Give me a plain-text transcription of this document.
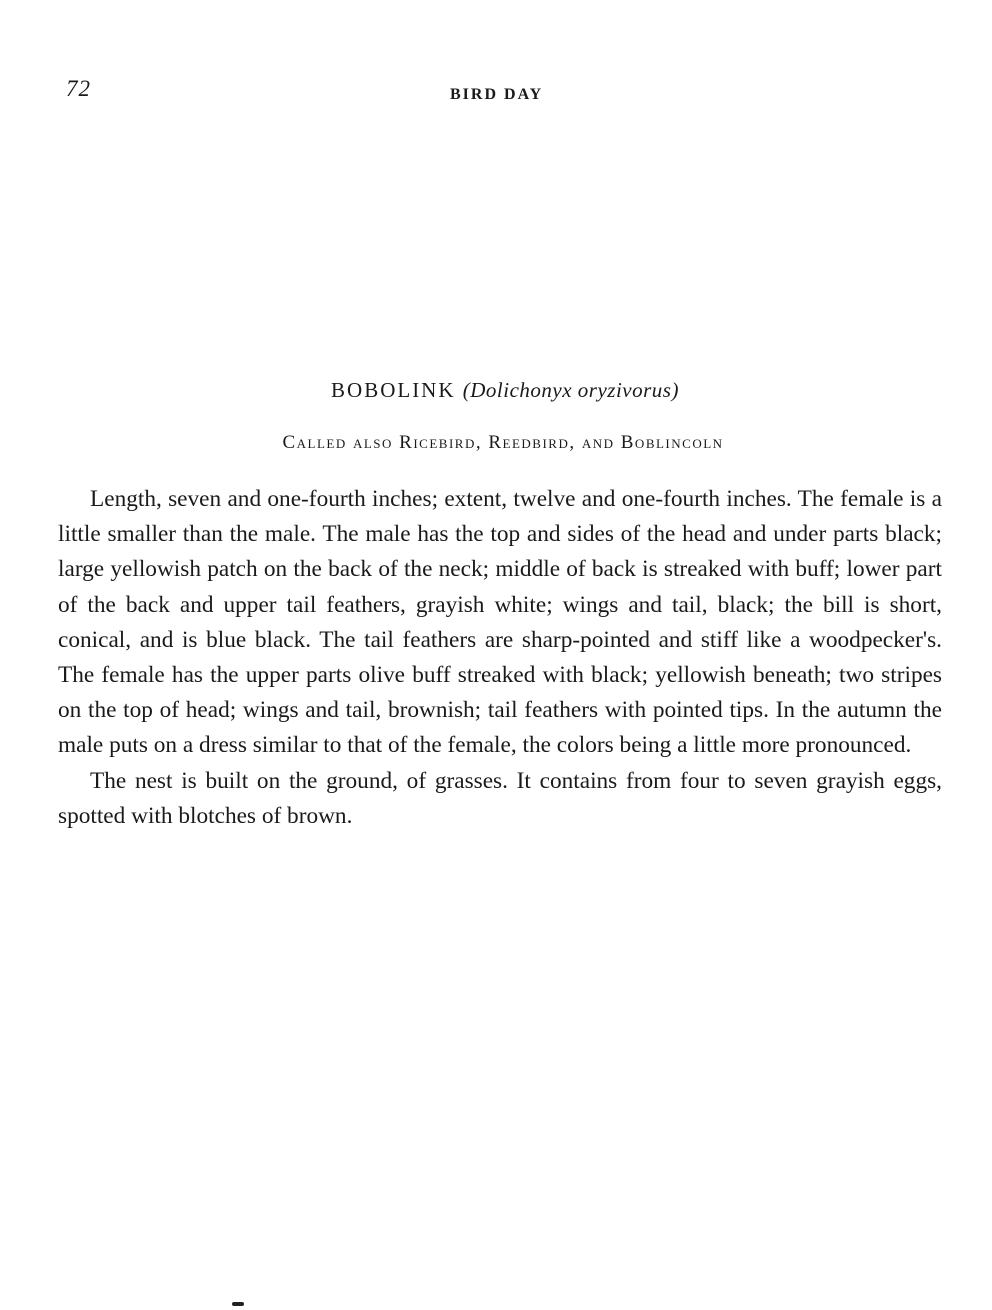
72	BIRD DAY
BOBOLINK (Dolichonyx oryzivorus)
Called also Ricebird, Reedbird, and Boblincoln

Length, seven and one-fourth inches; extent, twelve and one-fourth inches. The female is a little smaller than the male. The male has the top and sides of the head and under parts black; large yellowish patch on the back of the neck; middle of back is streaked with buff; lower part of the back and upper tail feathers, grayish white; wings and tail, black; the bill is short, conical, and is blue black. The tail feathers are sharp-pointed and stiff like a woodpecker's. The female has the upper parts olive buff streaked with black; yellowish beneath; two stripes on the top of head; wings and tail, brownish; tail feathers with pointed tips. In the autumn the male puts on a dress similar to that of the female, the colors being a little more pronounced.

The nest is built on the ground, of grasses. It contains from four to seven grayish eggs, spotted with blotches of brown.
